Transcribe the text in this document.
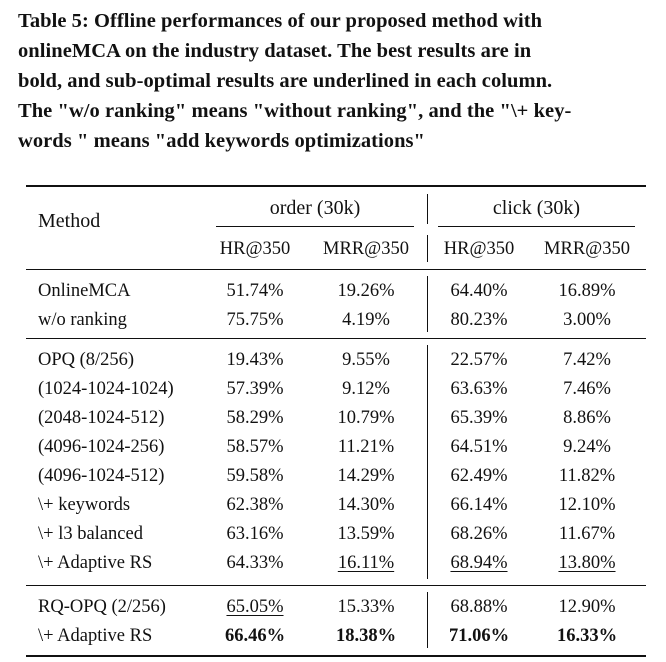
Table 5: Offline performances of our proposed method with
onlineMCA on the industry dataset. The best results are in
bold, and sub-optimal results are underlined in each column.
The "w/o ranking" means "without ranking", and the "\+ key-
words " means "add keywords optimizations"
Method
order (30k)	click (30k)
HR@350	MRR@350	HR@350	MRR@350
OnlineMCA	51.74%	19.26%	64.40%	16.89%
w/o ranking	75.75%	4.19%	80.23%	3.00%
OPQ (8/256)	19.43%	9.55%	22.57%	7.42%
(1024-1024-1024)	57.39%	9.12%	63.63%	7.46%
(2048-1024-512)	58.29%	10.79%	65.39%	8.86%
(4096-1024-256)	58.57%	11.21%	64.51%	9.24%
(4096-1024-512)	59.58%	14.29%	62.49%	11.82%
\+ keywords	62.38%	14.30%	66.14%	12.10%
\+ l3 balanced	63.16%	13.59%	68.26%	11.67%
\+ Adaptive RS	64.33%	16.11%	68.94%	13.80%
RQ-OPQ (2/256)	65.05%	15.33%	68.88%	12.90%
\+ Adaptive RS	66.46%	18.38%	71.06%	16.33%
